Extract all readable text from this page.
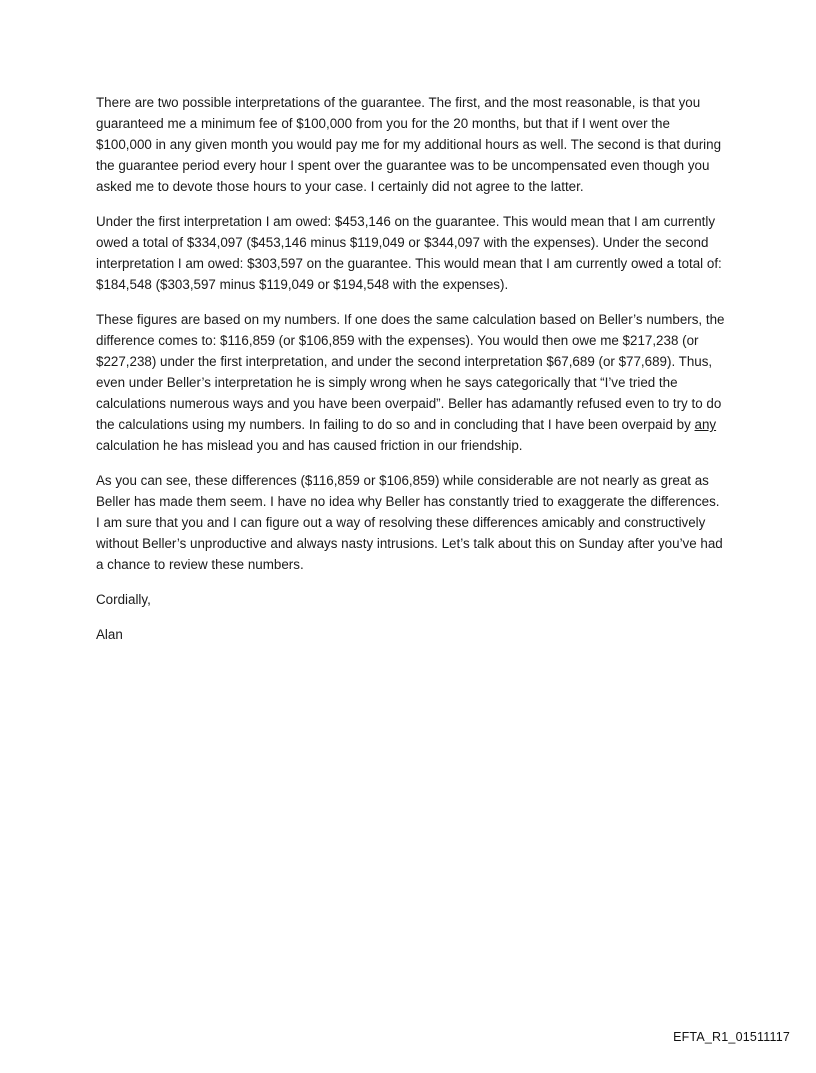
There are two possible interpretations of the guarantee. The first, and the most reasonable, is that you guaranteed me a minimum fee of $100,000 from you for the 20 months, but that if I went over the $100,000 in any given month you would pay me for my additional hours as well. The second is that during the guarantee period every hour I spent over the guarantee was to be uncompensated even though you asked me to devote those hours to your case. I certainly did not agree to the latter.

Under the first interpretation I am owed: $453,146 on the guarantee. This would mean that I am currently owed a total of $334,097 ($453,146 minus $119,049 or $344,097 with the expenses). Under the second interpretation I am owed: $303,597 on the guarantee. This would mean that I am currently owed a total of: $184,548 ($303,597 minus $119,049 or $194,548 with the expenses).

These figures are based on my numbers. If one does the same calculation based on Beller’s numbers, the difference comes to: $116,859 (or $106,859 with the expenses). You would then owe me $217,238 (or $227,238) under the first interpretation, and under the second interpretation $67,689 (or $77,689). Thus, even under Beller’s interpretation he is simply wrong when he says categorically that “I’ve tried the calculations numerous ways and you have been overpaid”. Beller has adamantly refused even to try to do the calculations using my numbers. In failing to do so and in concluding that I have been overpaid by any calculation he has mislead you and has caused friction in our friendship.

As you can see, these differences ($116,859 or $106,859) while considerable are not nearly as great as Beller has made them seem. I have no idea why Beller has constantly tried to exaggerate the differences.

I am sure that you and I can figure out a way of resolving these differences amicably and constructively without Beller’s unproductive and always nasty intrusions. Let’s talk about this on Sunday after you’ve had a chance to review these numbers.

Cordially,

Alan

EFTA_R1_01511117
